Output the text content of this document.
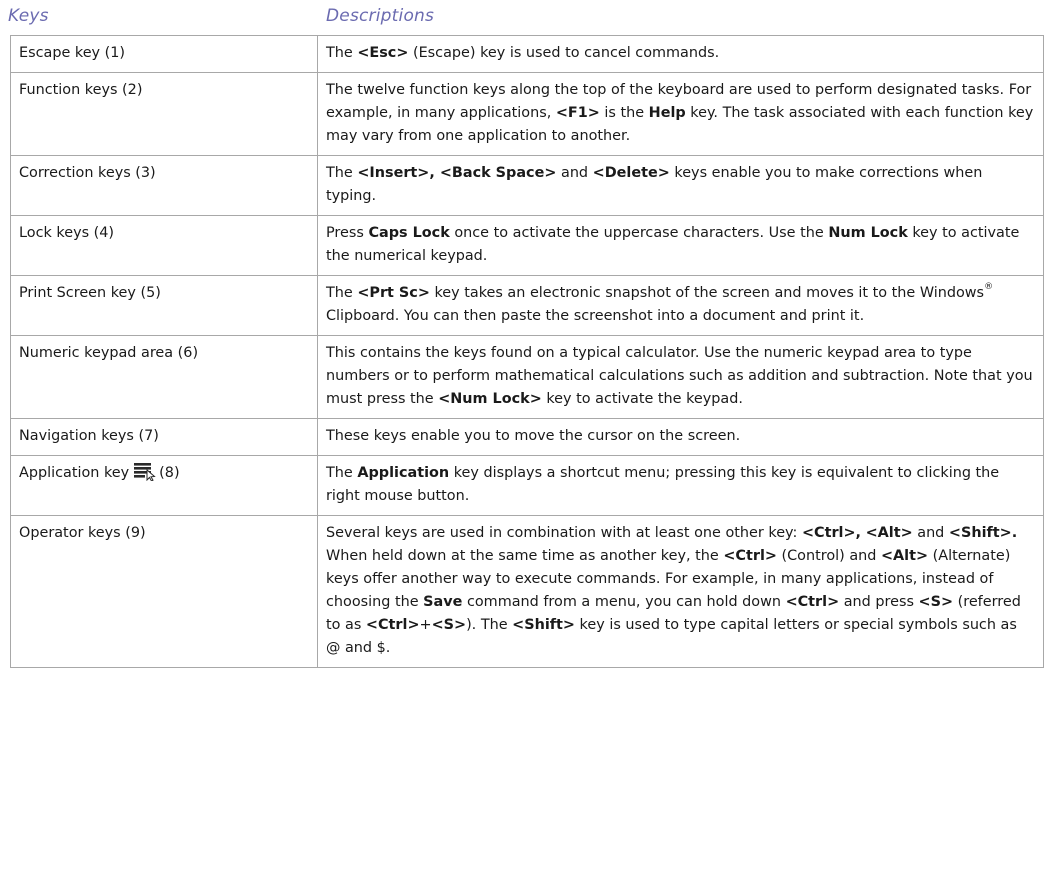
Keys	Descriptions
Escape key (1)	The <Esc> (Escape) key is used to cancel commands.
Function keys (2)	The twelve function keys along the top of the keyboard are used to perform designated tasks. For example, in many applications, <F1> is the Help key. The task associated with each function key may vary from one application to another.
Correction keys (3)	The <Insert>, <Back Space> and <Delete> keys enable you to make corrections when typing.
Lock keys (4)	Press Caps Lock once to activate the uppercase characters. Use the Num Lock key to activate the numerical keypad.
Print Screen key (5)	The <Prt Sc> key takes an electronic snapshot of the screen and moves it to the Windows® Clipboard. You can then paste the screenshot into a document and print it.
Numeric keypad area (6)	This contains the keys found on a typical calculator. Use the numeric keypad area to type numbers or to perform mathematical calculations such as addition and subtraction. Note that you must press the <Num Lock> key to activate the keypad.
Navigation keys (7)	These keys enable you to move the cursor on the screen.
Application key (8)	The Application key displays a shortcut menu; pressing this key is equivalent to clicking the right mouse button.
Operator keys (9)	Several keys are used in combination with at least one other key: <Ctrl>, <Alt> and <Shift>. When held down at the same time as another key, the <Ctrl> (Control) and <Alt> (Alternate) keys offer another way to execute commands. For example, in many applications, instead of choosing the Save command from a menu, you can hold down <Ctrl> and press <S> (referred to as <Ctrl>+<S>). The <Shift> key is used to type capital letters or special symbols such as @ and $.
